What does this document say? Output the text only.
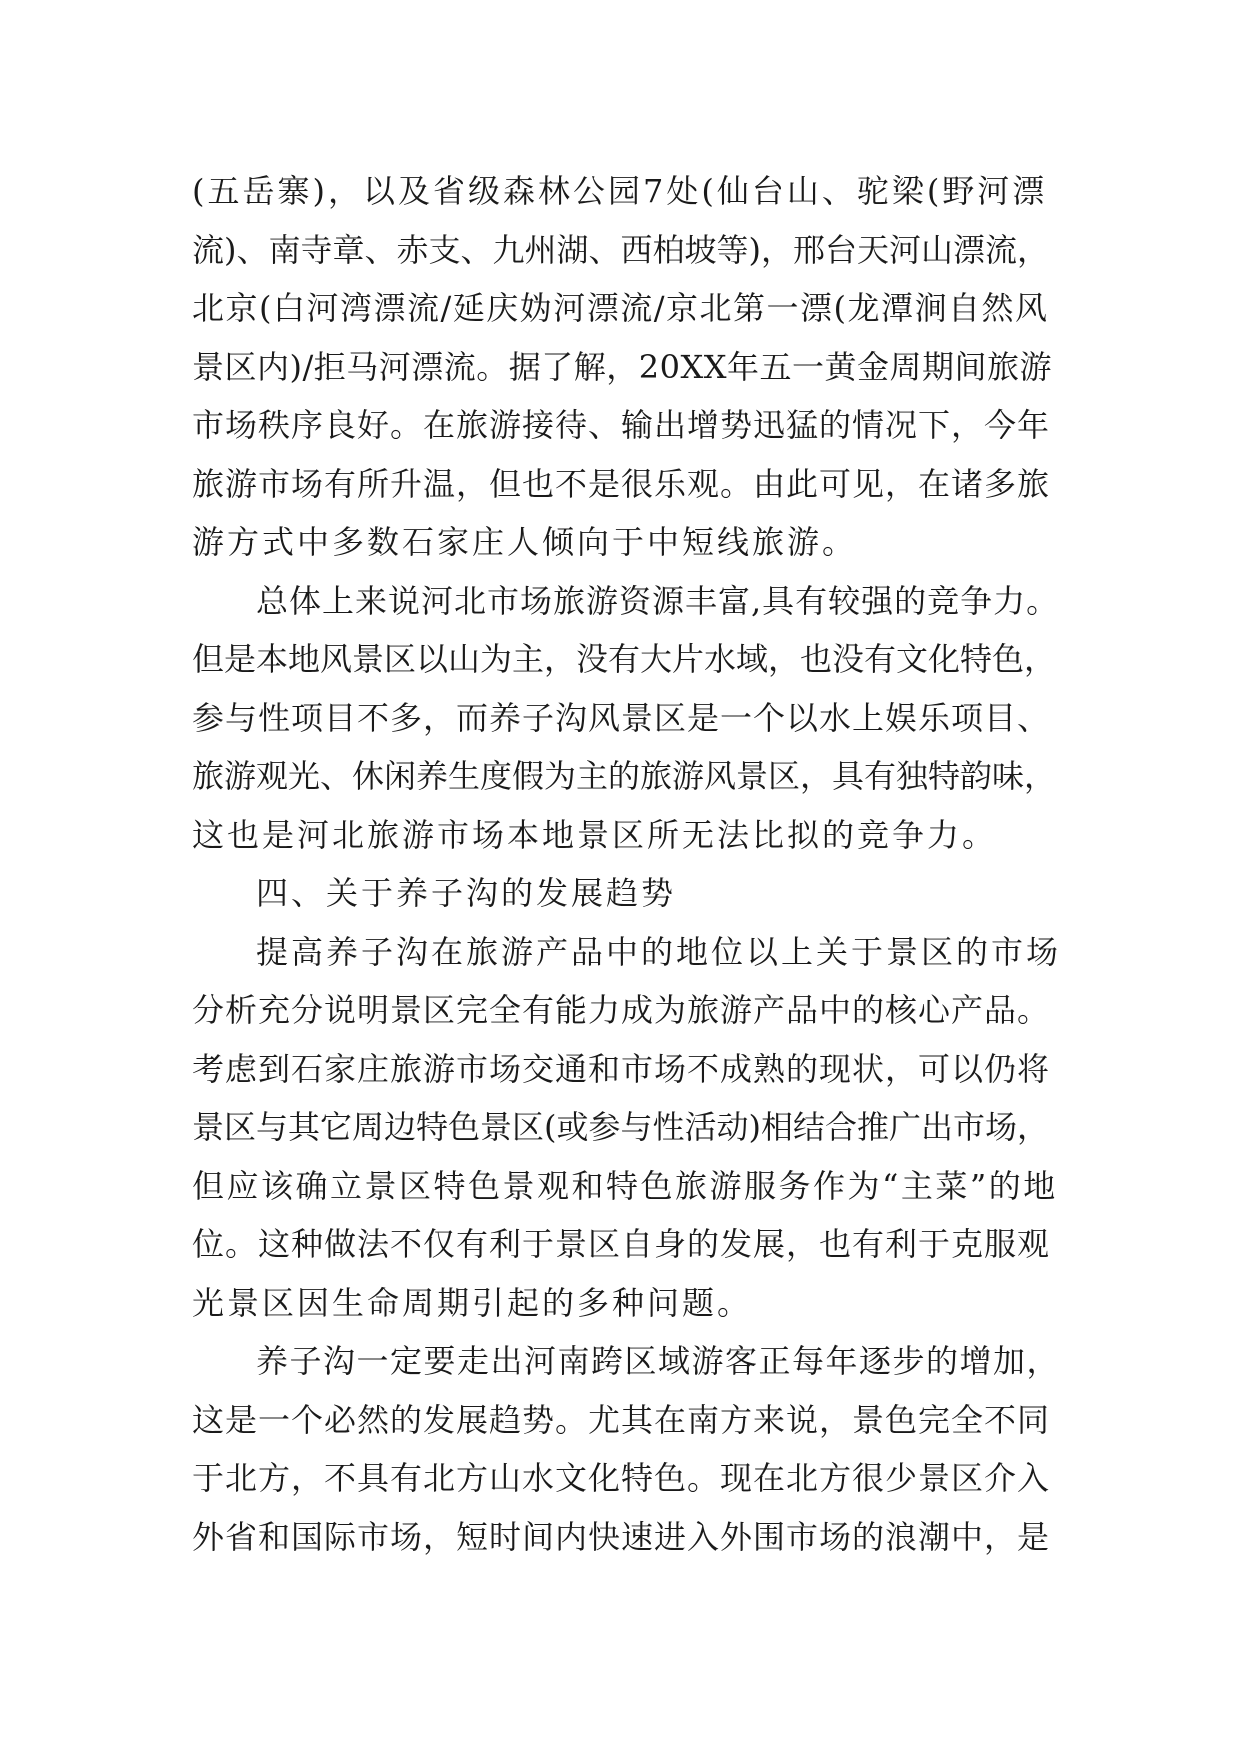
(五岳寨)，以及省级森林公园7处(仙台山、驼梁(野河漂
流)、南寺章、赤支、九州湖、西柏坡等)，邢台天河山漂流，
北京(白河湾漂流/延庆妫河漂流/京北第一漂(龙潭涧自然风
景区内)/拒马河漂流。据了解，20XX年五一黄金周期间旅游
市场秩序良好。在旅游接待、输出增势迅猛的情况下，今年
旅游市场有所升温，但也不是很乐观。由此可见，在诸多旅
游方式中多数石家庄人倾向于中短线旅游。
总体上来说河北市场旅游资源丰富,具有较强的竞争力。
但是本地风景区以山为主，没有大片水域，也没有文化特色，
参与性项目不多，而养子沟风景区是一个以水上娱乐项目、
旅游观光、休闲养生度假为主的旅游风景区，具有独特韵味，
这也是河北旅游市场本地景区所无法比拟的竞争力。
四、关于养子沟的发展趋势
提高养子沟在旅游产品中的地位以上关于景区的市场
分析充分说明景区完全有能力成为旅游产品中的核心产品。
考虑到石家庄旅游市场交通和市场不成熟的现状，可以仍将
景区与其它周边特色景区(或参与性活动)相结合推广出市场，
但应该确立景区特色景观和特色旅游服务作为“主菜”的地
位。这种做法不仅有利于景区自身的发展，也有利于克服观
光景区因生命周期引起的多种问题。
养子沟一定要走出河南跨区域游客正每年逐步的增加，
这是一个必然的发展趋势。尤其在南方来说，景色完全不同
于北方，不具有北方山水文化特色。现在北方很少景区介入
外省和国际市场，短时间内快速进入外围市场的浪潮中，是
